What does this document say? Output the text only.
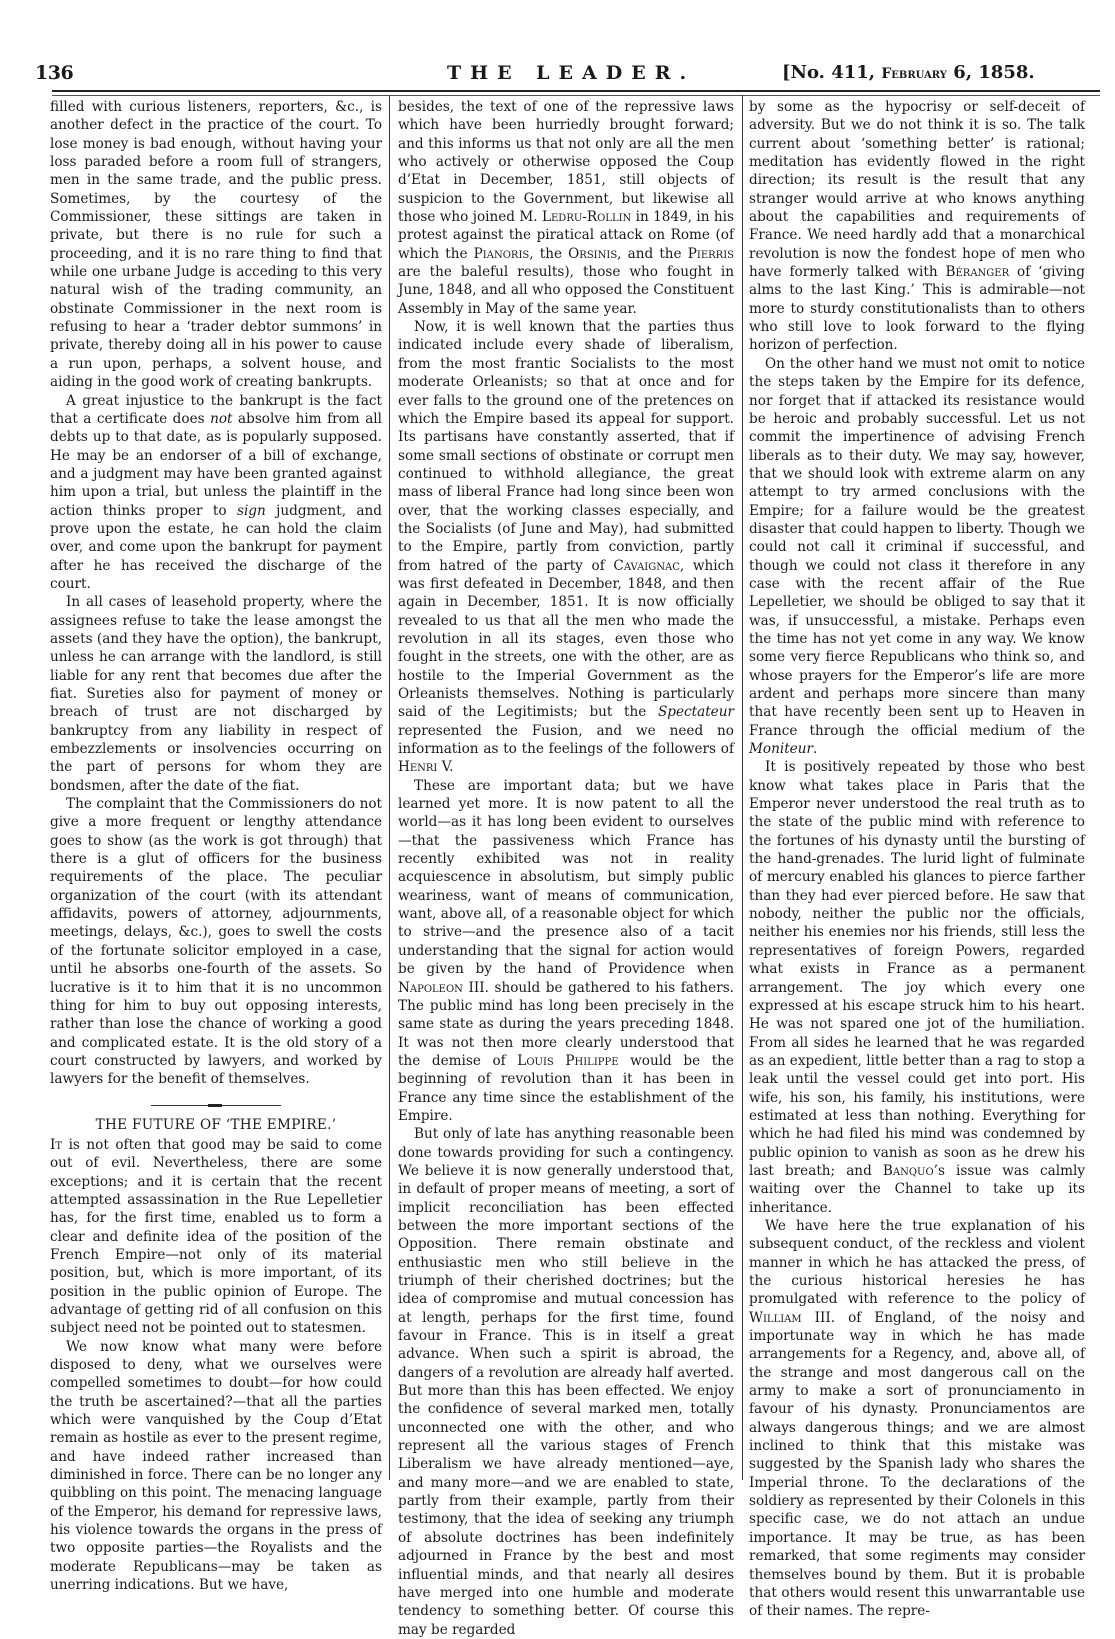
136	THE LEADER.	[No. 411, February 6, 1858.

filled with curious listeners, reporters, &c., is another defect in the practice of the court. To lose money is bad enough, without having your loss paraded before a room full of strangers, men in the same trade, and the public press. Sometimes, by the courtesy of the Commissioner, these sittings are taken in private, but there is no rule for such a proceeding, and it is no rare thing to find that while one urbane Judge is acceding to this very natural wish of the trading community, an obstinate Commissioner in the next room is refusing to hear a ‘trader debtor summons’ in private, thereby doing all in his power to cause a run upon, perhaps, a solvent house, and aiding in the good work of creating bankrupts.

A great injustice to the bankrupt is the fact that a certificate does not absolve him from all debts up to that date, as is popularly supposed. He may be an endorser of a bill of exchange, and a judgment may have been granted against him upon a trial, but unless the plaintiff in the action thinks proper to sign judgment, and prove upon the estate, he can hold the claim over, and come upon the bankrupt for payment after he has received the discharge of the court.

In all cases of leasehold property, where the assignees refuse to take the lease amongst the assets (and they have the option), the bankrupt, unless he can arrange with the landlord, is still liable for any rent that becomes due after the fiat. Sureties also for payment of money or breach of trust are not discharged by bankruptcy from any liability in respect of embezzlements or insolvencies occurring on the part of persons for whom they are bondsmen, after the date of the fiat.

The complaint that the Commissioners do not give a more frequent or lengthy attendance goes to show (as the work is got through) that there is a glut of officers for the business requirements of the place. The peculiar organization of the court (with its attendant affidavits, powers of attorney, adjournments, meetings, delays, &c.), goes to swell the costs of the fortunate solicitor employed in a case, until he absorbs one-fourth of the assets. So lucrative is it to him that it is no uncommon thing for him to buy out opposing interests, rather than lose the chance of working a good and complicated estate. It is the old story of a court constructed by lawyers, and worked by lawyers for the benefit of themselves.

THE FUTURE OF ‘THE EMPIRE.’

It is not often that good may be said to come out of evil. Nevertheless, there are some exceptions; and it is certain that the recent attempted assassination in the Rue Lepelletier has, for the first time, enabled us to form a clear and definite idea of the position of the French Empire—not only of its material position, but, which is more important, of its position in the public opinion of Europe. The advantage of getting rid of all confusion on this subject need not be pointed out to statesmen.

We now know what many were before disposed to deny, what we ourselves were compelled sometimes to doubt—for how could the truth be ascertained?—that all the parties which were vanquished by the Coup d’Etat remain as hostile as ever to the present regime, and have indeed rather increased than diminished in force. There can be no longer any quibbling on this point. The menacing language of the Emperor, his demand for repressive laws, his violence towards the organs in the press of two opposite parties—the Royalists and the moderate Republicans—may be taken as unerring indications. But we have,

besides, the text of one of the repressive laws which have been hurriedly brought forward; and this informs us that not only are all the men who actively or otherwise opposed the Coup d’Etat in December, 1851, still objects of suspicion to the Government, but likewise all those who joined M. Ledru-Rollin in 1849, in his protest against the piratical attack on Rome (of which the Pianoris, the Orsinis, and the Pierris are the baleful results), those who fought in June, 1848, and all who opposed the Constituent Assembly in May of the same year.

Now, it is well known that the parties thus indicated include every shade of liberalism, from the most frantic Socialists to the most moderate Orleanists; so that at once and for ever falls to the ground one of the pretences on which the Empire based its appeal for support. Its partisans have constantly asserted, that if some small sections of obstinate or corrupt men continued to withhold allegiance, the great mass of liberal France had long since been won over, that the working classes especially, and the Socialists (of June and May), had submitted to the Empire, partly from conviction, partly from hatred of the party of Cavaignac, which was first defeated in December, 1848, and then again in December, 1851. It is now officially revealed to us that all the men who made the revolution in all its stages, even those who fought in the streets, one with the other, are as hostile to the Imperial Government as the Orleanists themselves. Nothing is particularly said of the Legitimists; but the Spectateur represented the Fusion, and we need no information as to the feelings of the followers of Henri V.

These are important data; but we have learned yet more. It is now patent to all the world—as it has long been evident to ourselves—that the passiveness which France has recently exhibited was not in reality acquiescence in absolutism, but simply public weariness, want of means of communication, want, above all, of a reasonable object for which to strive—and the presence also of a tacit understanding that the signal for action would be given by the hand of Providence when Napoleon III. should be gathered to his fathers. The public mind has long been precisely in the same state as during the years preceding 1848. It was not then more clearly understood that the demise of Louis Philippe would be the beginning of revolution than it has been in France any time since the establishment of the Empire.

But only of late has anything reasonable been done towards providing for such a contingency. We believe it is now generally understood that, in default of proper means of meeting, a sort of implicit reconciliation has been effected between the more important sections of the Opposition. There remain obstinate and enthusiastic men who still believe in the triumph of their cherished doctrines; but the idea of compromise and mutual concession has at length, perhaps for the first time, found favour in France. This is in itself a great advance. When such a spirit is abroad, the dangers of a revolution are already half averted. But more than this has been effected. We enjoy the confidence of several marked men, totally unconnected one with the other, and who represent all the various stages of French Liberalism we have already mentioned—aye, and many more—and we are enabled to state, partly from their example, partly from their testimony, that the idea of seeking any triumph of absolute doctrines has been indefinitely adjourned in France by the best and most influential minds, and that nearly all desires have merged into one humble and moderate tendency to something better. Of course this may be regarded

by some as the hypocrisy or self-deceit of adversity. But we do not think it is so. The talk current about ‘something better’ is rational; meditation has evidently flowed in the right direction; its result is the result that any stranger would arrive at who knows anything about the capabilities and requirements of France. We need hardly add that a monarchical revolution is now the fondest hope of men who have formerly talked with Béranger of ‘giving alms to the last King.’ This is admirable—not more to sturdy constitutionalists than to others who still love to look forward to the flying horizon of perfection.

On the other hand we must not omit to notice the steps taken by the Empire for its defence, nor forget that if attacked its resistance would be heroic and probably successful. Let us not commit the impertinence of advising French liberals as to their duty. We may say, however, that we should look with extreme alarm on any attempt to try armed conclusions with the Empire; for a failure would be the greatest disaster that could happen to liberty. Though we could not call it criminal if successful, and though we could not class it therefore in any case with the recent affair of the Rue Lepelletier, we should be obliged to say that it was, if unsuccessful, a mistake. Perhaps even the time has not yet come in any way. We know some very fierce Republicans who think so, and whose prayers for the Emperor’s life are more ardent and perhaps more sincere than many that have recently been sent up to Heaven in France through the official medium of the Moniteur.

It is positively repeated by those who best know what takes place in Paris that the Emperor never understood the real truth as to the state of the public mind with reference to the fortunes of his dynasty until the bursting of the hand-grenades. The lurid light of fulminate of mercury enabled his glances to pierce farther than they had ever pierced before. He saw that nobody, neither the public nor the officials, neither his enemies nor his friends, still less the representatives of foreign Powers, regarded what exists in France as a permanent arrangement. The joy which every one expressed at his escape struck him to his heart. He was not spared one jot of the humiliation. From all sides he learned that he was regarded as an expedient, little better than a rag to stop a leak until the vessel could get into port. His wife, his son, his family, his institutions, were estimated at less than nothing. Everything for which he had filed his mind was condemned by public opinion to vanish as soon as he drew his last breath; and Banquo’s issue was calmly waiting over the Channel to take up its inheritance.

We have here the true explanation of his subsequent conduct, of the reckless and violent manner in which he has attacked the press, of the curious historical heresies he has promulgated with reference to the policy of William III. of England, of the noisy and importunate way in which he has made arrangements for a Regency, and, above all, of the strange and most dangerous call on the army to make a sort of pronunciamento in favour of his dynasty. Pronunciamentos are always dangerous things; and we are almost inclined to think that this mistake was suggested by the Spanish lady who shares the Imperial throne. To the declarations of the soldiery as represented by their Colonels in this specific case, we do not attach an undue importance. It may be true, as has been remarked, that some regiments may consider themselves bound by them. But it is probable that others would resent this unwarrantable use of their names. The repre-
